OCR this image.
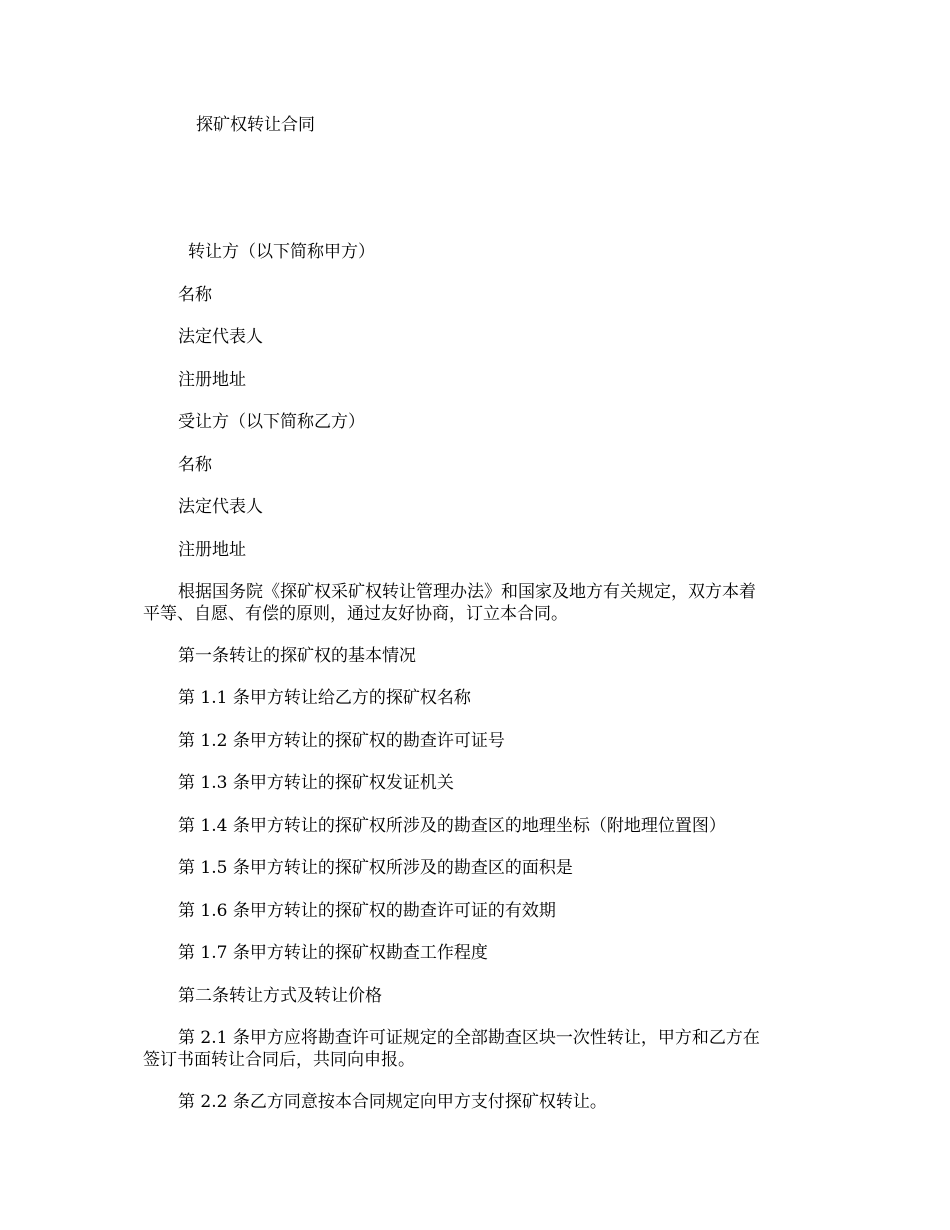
探矿权转让合同

转让方（以下简称甲方）

名称

法定代表人

注册地址

受让方（以下简称乙方）

名称

法定代表人

注册地址

根据国务院《探矿权采矿权转让管理办法》和国家及地方有关规定，双方本着
平等、自愿、有偿的原则，通过友好协商，订立本合同。

第一条转让的探矿权的基本情况

第 1.1 条甲方转让给乙方的探矿权名称

第 1.2 条甲方转让的探矿权的勘查许可证号

第 1.3 条甲方转让的探矿权发证机关

第 1.4 条甲方转让的探矿权所涉及的勘查区的地理坐标（附地理位置图）

第 1.5 条甲方转让的探矿权所涉及的勘查区的面积是

第 1.6 条甲方转让的探矿权的勘查许可证的有效期

第 1.7 条甲方转让的探矿权勘查工作程度

第二条转让方式及转让价格

第 2.1 条甲方应将勘查许可证规定的全部勘查区块一次性转让，甲方和乙方在
签订书面转让合同后，共同向申报。

第 2.2 条乙方同意按本合同规定向甲方支付探矿权转让。
